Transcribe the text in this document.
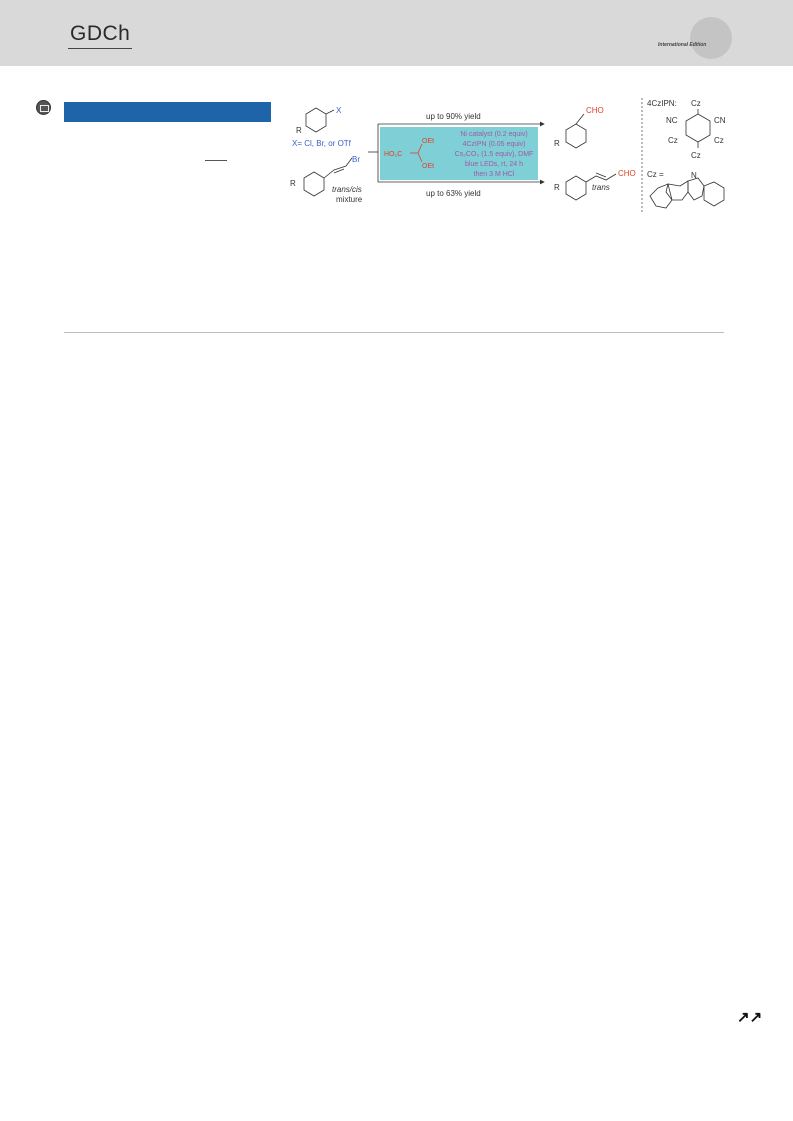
GDCh	International Edition
X
R
X= Cl, Br, or OTf
Br
R
trans/cis
mixture
up to 90% yield
up to 63% yield
HO₂C
OEt
OEt
Ni catalyst (0.2 equiv)
4CzIPN (0.05 equiv)
Cs₂CO₃ (1.5 equiv), DMF
blue LEDs, rt, 24 h
then 3 M HCl
CHO
R
CHO
R	trans
4CzIPN: Cz
NC	CN
Cz	Cz
Cz
Cz =	N
↗↗
